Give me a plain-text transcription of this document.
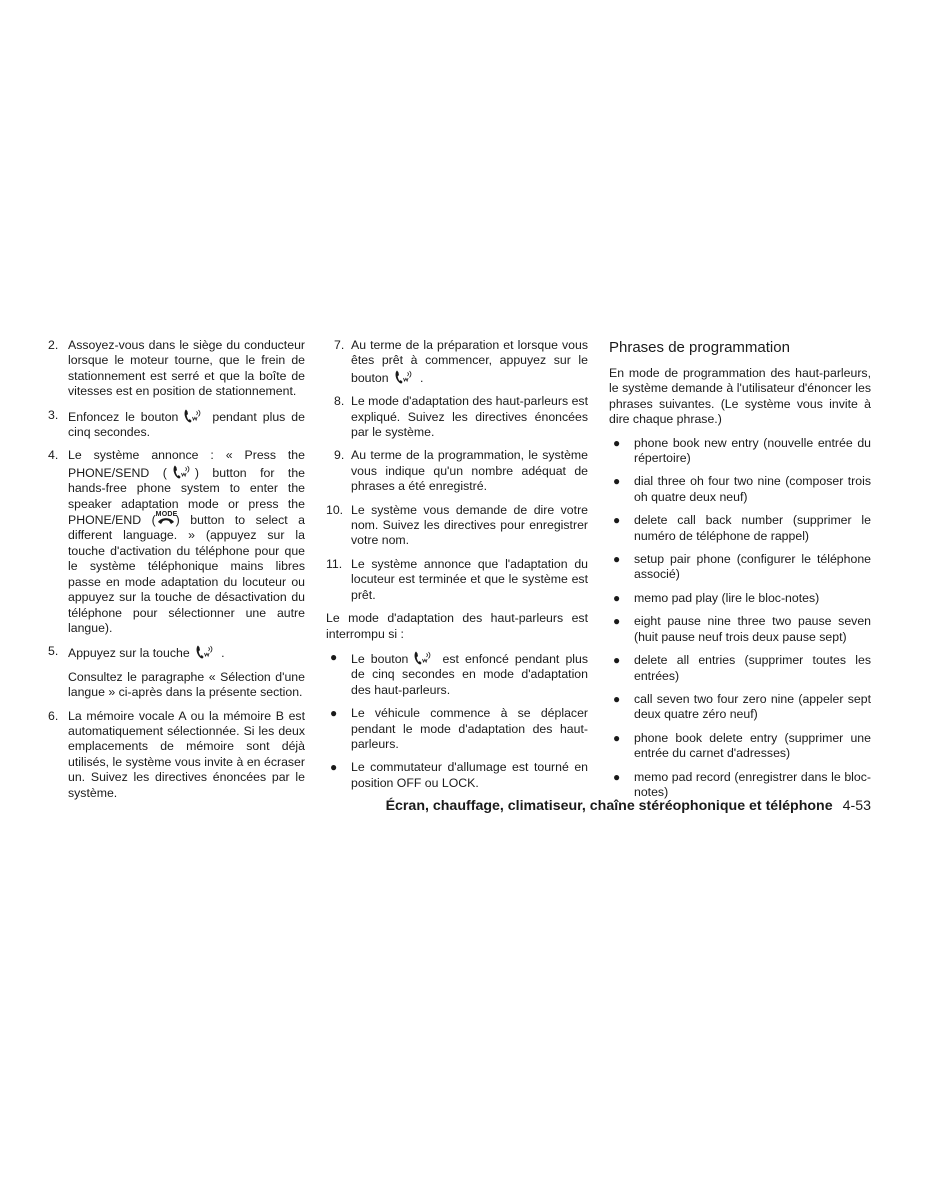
2. Assoyez-vous dans le siège du conducteur lorsque le moteur tourne, que le frein de stationnement est serré et que la boîte de vitesses est en position de stationnement.
3. Enfoncez le bouton	pendant plus de cinq secondes.
4. Le système annonce : « Press the PHONE/SEND ( ) button for the hands-free phone system to enter the speaker adaptation mode or press the PHONE/END ( MODE
) button to select a different language. » (appuyez sur la touche d'activation du téléphone pour que le système téléphonique mains libres passe en mode adaptation du locuteur ou appuyez sur la touche de désactivation du téléphone pour sélectionner une autre langue).
5. Appuyez sur la touche	.
Consultez le paragraphe « Sélection d'une langue » ci-après dans la présente section.
6. La mémoire vocale A ou la mémoire B est automatiquement sélectionnée. Si les deux emplacements de mémoire sont déjà utilisés, le système vous invite à en écraser un. Suivez les directives énoncées par le système.
7. Au terme de la préparation et lorsque vous êtes prêt à commencer, appuyez sur le bouton	.
8. Le mode d'adaptation des haut-parleurs est expliqué. Suivez les directives énoncées par le système.
9. Au terme de la programmation, le système vous indique qu'un nombre adéquat de phrases a été enregistré.
10. Le système vous demande de dire votre nom. Suivez les directives pour enregistrer votre nom.
11. Le système annonce que l'adaptation du locuteur est terminée et que le système est prêt.
Le mode d'adaptation des haut-parleurs est interrompu si :
●	Le bouton	est enfoncé pendant plus de cinq secondes en mode d'adaptation des haut-parleurs.
●	Le véhicule commence à se déplacer pendant le mode d'adaptation des haut-parleurs.
●	Le commutateur d'allumage est tourné en position OFF ou LOCK.
Phrases de programmation
En mode de programmation des haut-parleurs, le système demande à l'utilisateur d'énoncer les phrases suivantes. (Le système vous invite à dire chaque phrase.)
●	phone book new entry (nouvelle entrée du répertoire)
●	dial three oh four two nine (composer trois oh quatre deux neuf)
●	delete call back number (supprimer le numéro de téléphone de rappel)
●	setup pair phone (configurer le téléphone associé)
●	memo pad play (lire le bloc-notes)
●	eight pause nine three two pause seven (huit pause neuf trois deux pause sept)
●	delete all entries (supprimer toutes les entrées)
●	call seven two four zero nine (appeler sept deux quatre zéro neuf)
●	phone book delete entry (supprimer une entrée du carnet d'adresses)
●	memo pad record (enregistrer dans le bloc-notes)
Écran, chauffage, climatiseur, chaîne stéréophonique et téléphone 4-53
